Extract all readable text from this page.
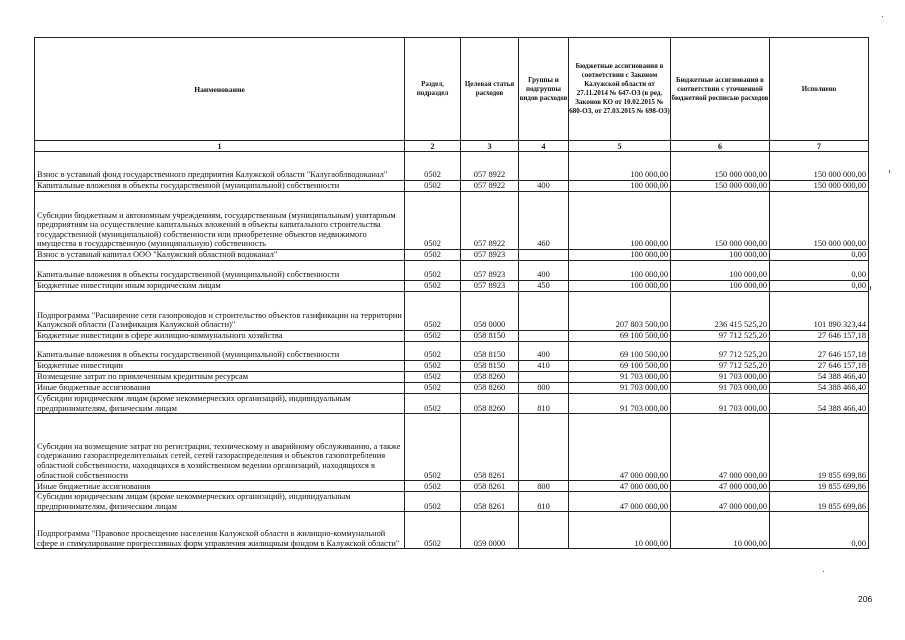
Наименование	Раздел, подраздел	Целевая статья расходов	Группы и подгруппы видов расходов	Бюджетные ассигнования в соответствии с Законом Калужской области от 27.11.2014 № 647-ОЗ (в ред. Законов КО от 10.02.2015 № 680-ОЗ, от 27.03.2015 № 698-ОЗ)	Бюджетные ассигнования в соответствии с уточненной бюджетной росписью расходов	Исполнено
1	2	3	4	5	6	7
Взнос в уставный фонд государственного предприятия Калужской области "Калугаоблводоканал"	0502	057 8922		100 000,00	150 000 000,00	150 000 000,00
Капитальные вложения в объекты государственной (муниципальной) собственности	0502	057 8922	400	100 000,00	150 000 000,00	150 000 000,00
Субсидии бюджетным и автономным учреждениям, государственным (муниципальным) унитарным предприятиям на осуществление капитальных вложений в объекты капитального строительства государственной (муниципальной) собственности или приобретение объектов недвижимого имущества в государственную (муниципальную) собственность	0502	057 8922	460	100 000,00	150 000 000,00	150 000 000,00
Взнос в уставный капитал ООО "Калужский областной водоканал"	0502	057 8923		100 000,00	100 000,00	0,00
Капитальные вложения в объекты государственной (муниципальной) собственности	0502	057 8923	400	100 000,00	100 000,00	0,00
Бюджетные инвестиции иным юридическим лицам	0502	057 8923	450	100 000,00	100 000,00	0,00
Подпрограмма "Расширение сети газопроводов и строительство объектов газификации на территории Калужской области (Газификация Калужской области)"	0502	058 0000		207 803 500,00	236 415 525,20	101 890 323,44
Бюджетные инвестиции в сфере жилищно-коммунального хозяйства	0502	058 8150		69 100 500,00	97 712 525,20	27 646 157,18
Капитальные вложения в объекты государственной (муниципальной) собственности	0502	058 8150	400	69 100 500,00	97 712 525,20	27 646 157,18
Бюджетные инвестиции	0502	058 8150	410	69 100 500,00	97 712 525,20	27 646 157,18
Возмещение затрат по привлеченным кредитным ресурсам	0502	058 8260		91 703 000,00	91 703 000,00	54 388 466,40
Иные бюджетные ассигнования	0502	058 8260	800	91 703 000,00	91 703 000,00	54 388 466,40
Субсидии юридическим лицам (кроме некоммерческих организаций), индивидуальным предпринимателям, физическим лицам	0502	058 8260	810	91 703 000,00	91 703 000,00	54 388 466,40
Субсидии на возмещение затрат по регистрации, техническому и аварийному обслуживанию, а также содержанию газораспределительных сетей, сетей газораспределения и объектов газопотребления областной собственности, находящихся в хозяйственном ведении организаций, находящихся в областной собственности	0502	058 8261		47 000 000,00	47 000 000,00	19 855 699,86
Иные бюджетные ассигнования	0502	058 8261	800	47 000 000,00	47 000 000,00	19 855 699,86
Субсидии юридическим лицам (кроме некоммерческих организаций), индивидуальным предпринимателям, физическим лицам	0502	058 8261	810	47 000 000,00	47 000 000,00	19 855 699,86
Подпрограмма "Правовое просвещение населения Калужской области в жилищно-коммунальной сфере и стимулирование прогрессивных форм управления жилищным фондом в Калужской области"	0502	059 0000		10 000,00	10 000,00	0,00
206
